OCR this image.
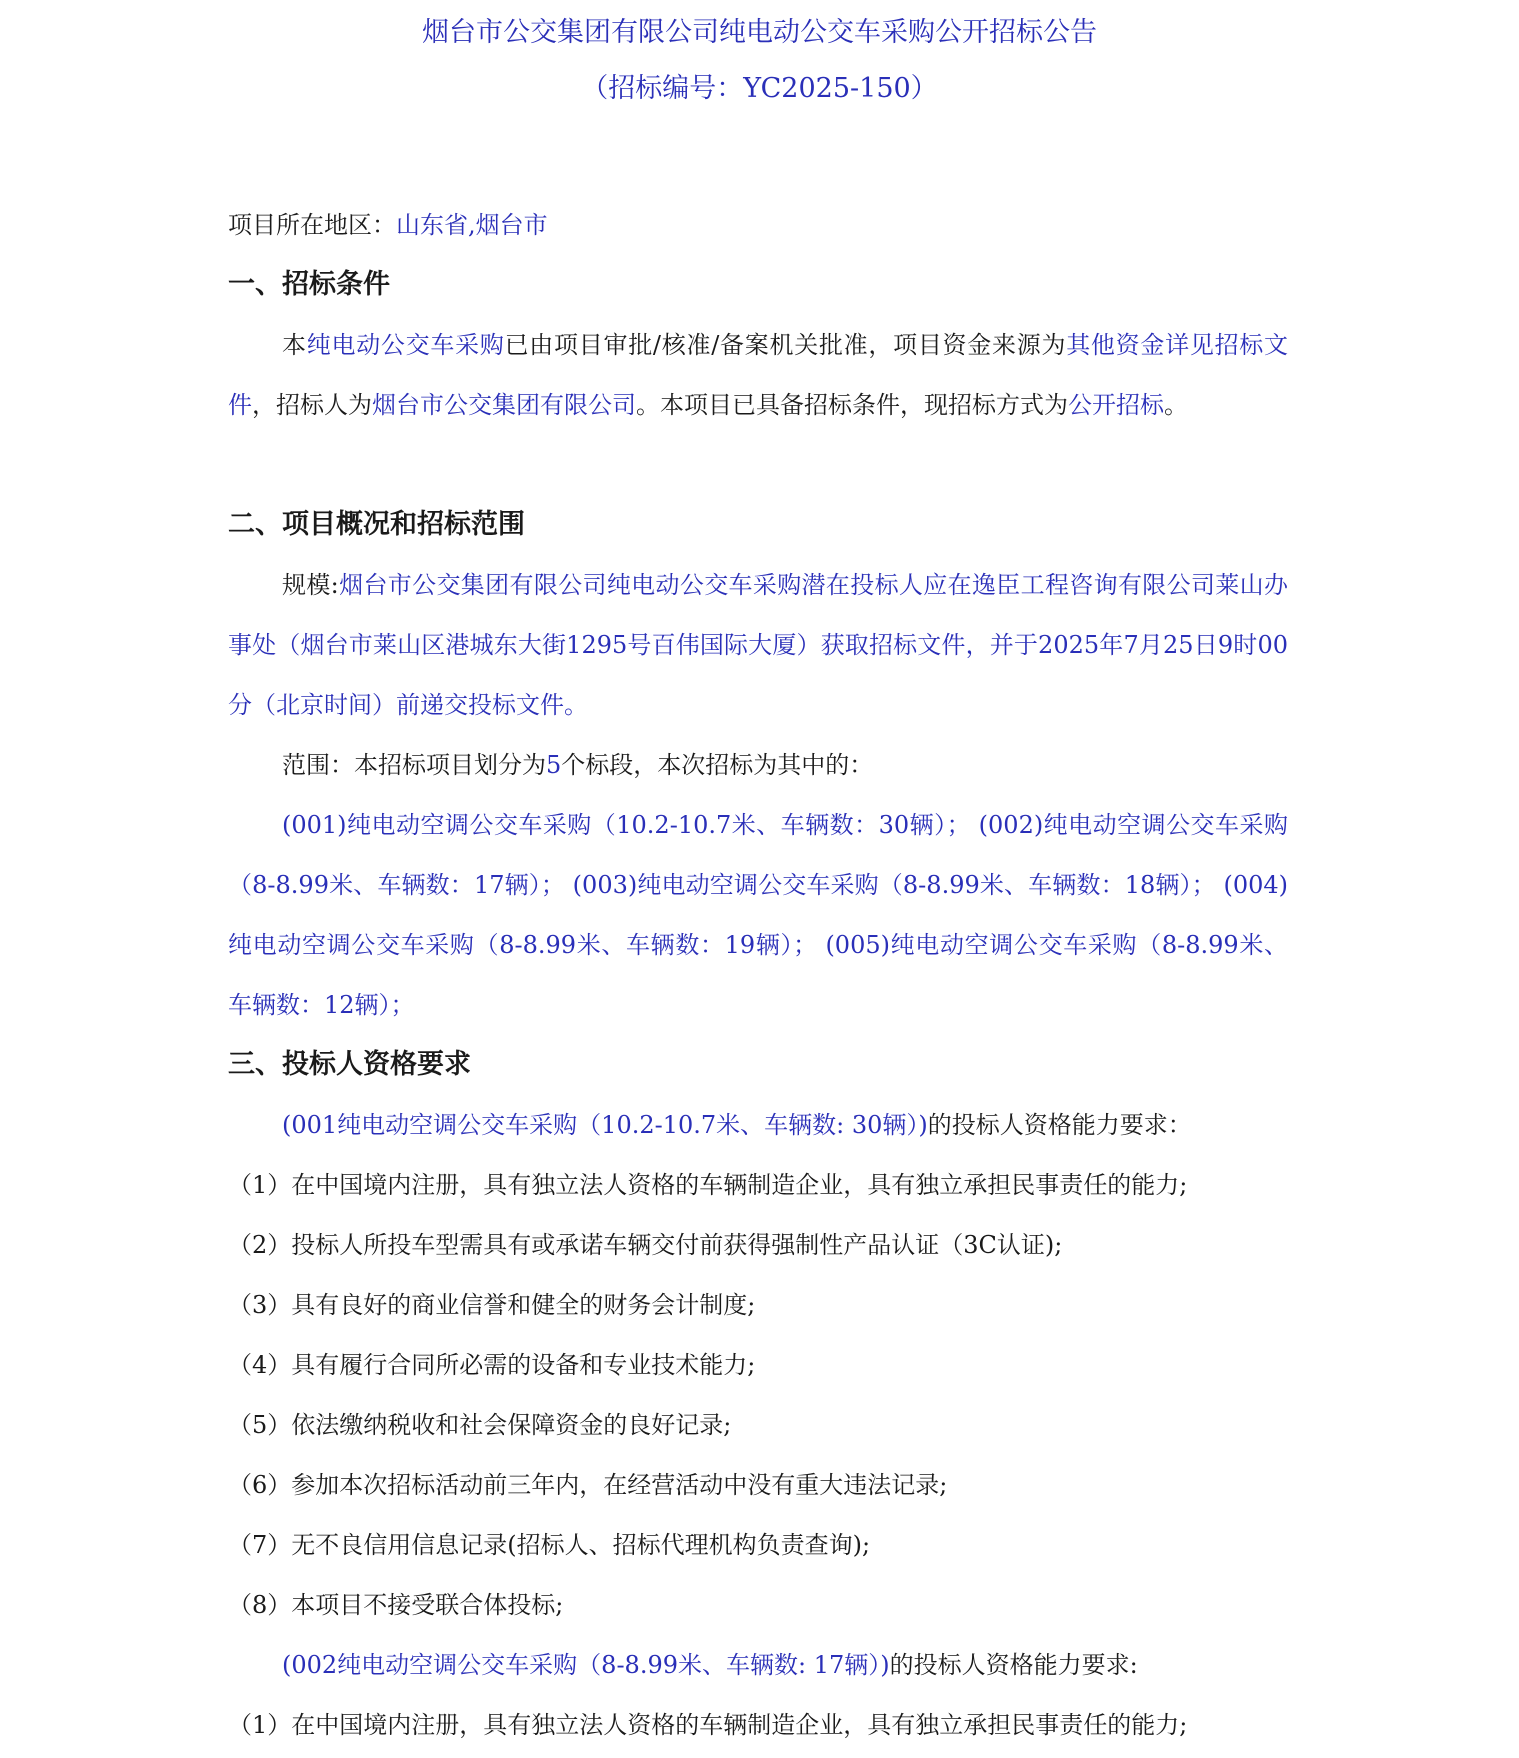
烟台市公交集团有限公司纯电动公交车采购公开招标公告
（招标编号：YC2025-150）
项目所在地区：山东省,烟台市
一、招标条件
本纯电动公交车采购已由项目审批/核准/备案机关批准，项目资金来源为其他资金详见招标文件，招标人为烟台市公交集团有限公司。本项目已具备招标条件，现招标方式为公开招标。
二、项目概况和招标范围
规模:烟台市公交集团有限公司纯电动公交车采购潜在投标人应在逸臣工程咨询有限公司莱山办事处（烟台市莱山区港城东大街1295号百伟国际大厦）获取招标文件，并于2025年7月25日9时00分（北京时间）前递交投标文件。
范围：本招标项目划分为5个标段，本次招标为其中的：
(001)纯电动空调公交车采购（10.2-10.7米、车辆数：30辆）； (002)纯电动空调公交车采购（8-8.99米、车辆数：17辆）； (003)纯电动空调公交车采购（8-8.99米、车辆数：18辆）； (004)纯电动空调公交车采购（8-8.99米、车辆数：19辆）； (005)纯电动空调公交车采购（8-8.99米、车辆数：12辆）；
三、投标人资格要求
(001纯电动空调公交车采购（10.2-10.7米、车辆数: 30辆）)的投标人资格能力要求：
（1）在中国境内注册，具有独立法人资格的车辆制造企业，具有独立承担民事责任的能力;
（2）投标人所投车型需具有或承诺车辆交付前获得强制性产品认证（3C认证);
（3）具有良好的商业信誉和健全的财务会计制度;
（4）具有履行合同所必需的设备和专业技术能力;
（5）依法缴纳税收和社会保障资金的良好记录;
（6）参加本次招标活动前三年内，在经营活动中没有重大违法记录;
（7）无不良信用信息记录(招标人、招标代理机构负责查询);
（8）本项目不接受联合体投标;
(002纯电动空调公交车采购（8-8.99米、车辆数: 17辆）)的投标人资格能力要求:
（1）在中国境内注册，具有独立法人资格的车辆制造企业，具有独立承担民事责任的能力;
